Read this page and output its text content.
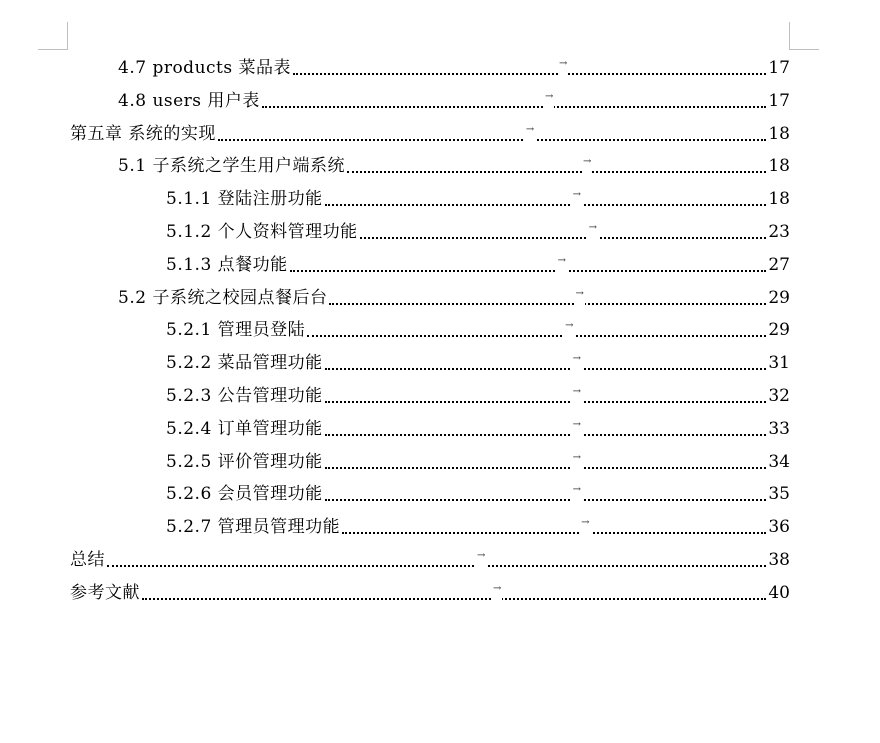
4.7 products 菜品表	→	17
4.8 users 用户表	→	17
第五章 系统的实现	→	18
5.1 子系统之学生用户端系统	→	18
5.1.1 登陆注册功能	→	18
5.1.2 个人资料管理功能	→	23
5.1.3 点餐功能	→	27
5.2 子系统之校园点餐后台	→	29
5.2.1 管理员登陆	→	29
5.2.2 菜品管理功能	→	31
5.2.3 公告管理功能	→	32
5.2.4 订单管理功能	→	33
5.2.5 评价管理功能	→	34
5.2.6 会员管理功能	→	35
5.2.7 管理员管理功能	→	36
总结	→	38
参考文献	→	40
